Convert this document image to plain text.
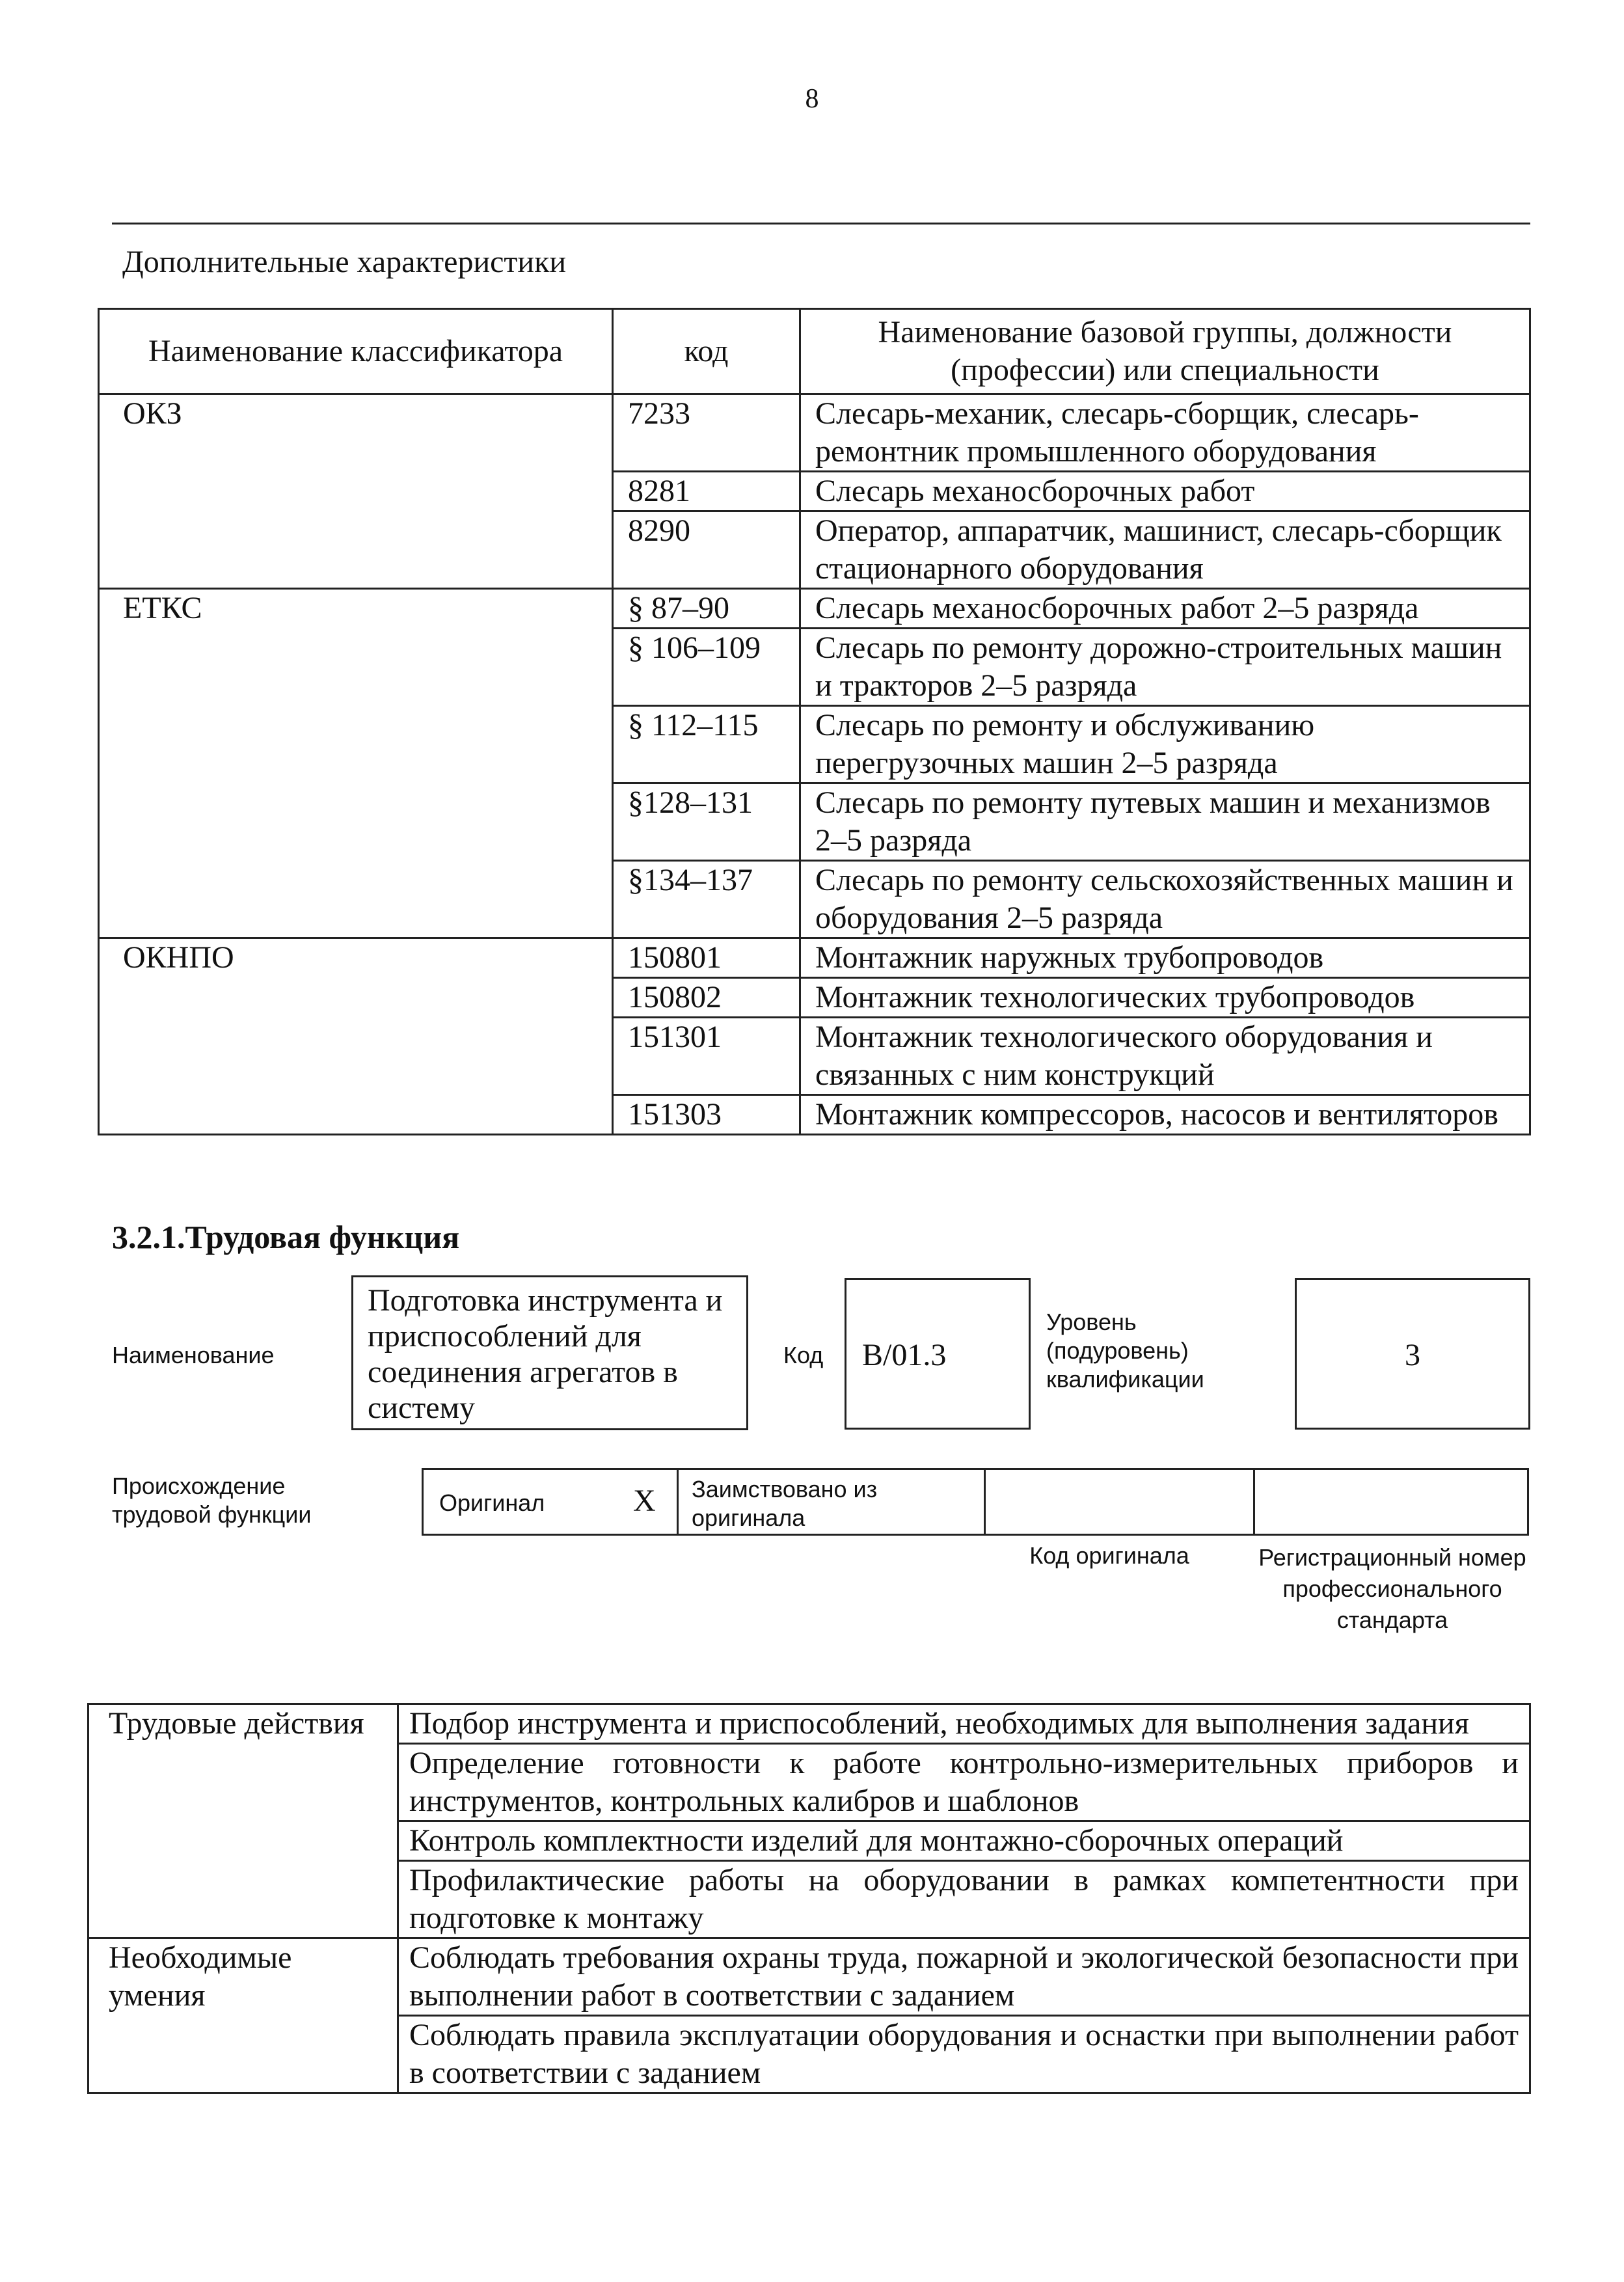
8
Дополнительные характеристики
Наименование классификатора	код	Наименование базовой группы, должности (профессии) или специальности
ОКЗ	7233	Слесарь-механик, слесарь-сборщик, слесарь-ремонтник промышленного оборудования
	8281	Слесарь механосборочных работ
	8290	Оператор, аппаратчик, машинист, слесарь-сборщик стационарного оборудования
ЕТКС	§ 87–90	Слесарь механосборочных работ 2–5 разряда
	§ 106–109	Слесарь по ремонту дорожно-строительных машин и тракторов 2–5 разряда
	§ 112–115	Слесарь по ремонту и обслуживанию перегрузочных машин 2–5 разряда
	§128–131	Слесарь по ремонту путевых машин и механизмов 2–5 разряда
	§134–137	Слесарь по ремонту сельскохозяйственных машин и оборудования 2–5 разряда
ОКНПО	150801	Монтажник наружных трубопроводов
	150802	Монтажник технологических трубопроводов
	151301	Монтажник технологического оборудования и связанных с ним конструкций
	151303	Монтажник компрессоров, насосов и вентиляторов
3.2.1.Трудовая функция
Наименование
Подготовка инструмента и приспособлений для соединения агрегатов в систему
Код	B/01.3
Уровень (подуровень) квалификации
3
Происхождение трудовой функции	Оригинал	X Заимствовано из оригинала
Код оригинала	Регистрационный номер профессионального стандарта
Трудовые действия	Подбор инструмента и приспособлений, необходимых для выполнения задания
	Определение готовности к работе контрольно-измерительных приборов и инструментов, контрольных калибров и шаблонов
	Контроль комплектности изделий для монтажно-сборочных операций
	Профилактические работы на оборудовании в рамках компетентности при подготовке к монтажу
Необходимые умения	Соблюдать требования охраны труда, пожарной и экологической безопасности при выполнении работ в соответствии с заданием
	Соблюдать правила эксплуатации оборудования и оснастки при выполнении работ в соответствии с заданием
